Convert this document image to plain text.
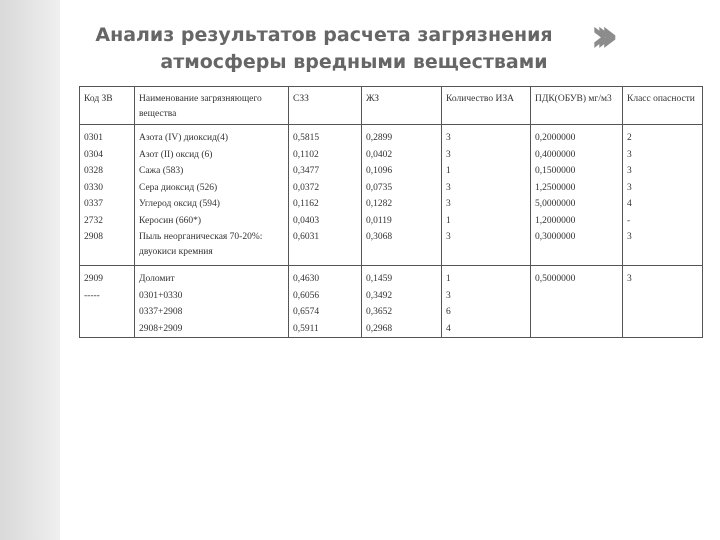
Анализ результатов расчета загрязнения
атмосферы вредными веществами ›››
Код ЗВ	Наименование загрязняющего вещества	СЗЗ	ЖЗ	Количество ИЗА	ПДК(ОБУВ) мг/м3	Класс опасности
0301	Азота (IV) диоксид(4)	0,5815	0,2899	3	0,2000000	2
0304	Азот (II) оксид (6)	0,1102	0,0402	3	0,4000000	3
0328	Сажа (583)	0,3477	0,1096	1	0,1500000	3
0330	Сера диоксид (526)	0,0372	0,0735	3	1,2500000	3
0337	Углерод оксид (594)	0,1162	0,1282	3	5,0000000	4
2732	Керосин (660*)	0,0403	0,0119	1	1,2000000	-
2908	Пыль неорганическая 70-20%: двуокиси кремния	0,6031	0,3068	3	0,3000000	3
2909	Доломит	0,4630	0,1459	1	0,5000000	3
-----	0301+0330	0,6056	0,3492	3		
	0337+2908	0,6574	0,3652	6		
	2908+2909	0,5911	0,2968	4		
